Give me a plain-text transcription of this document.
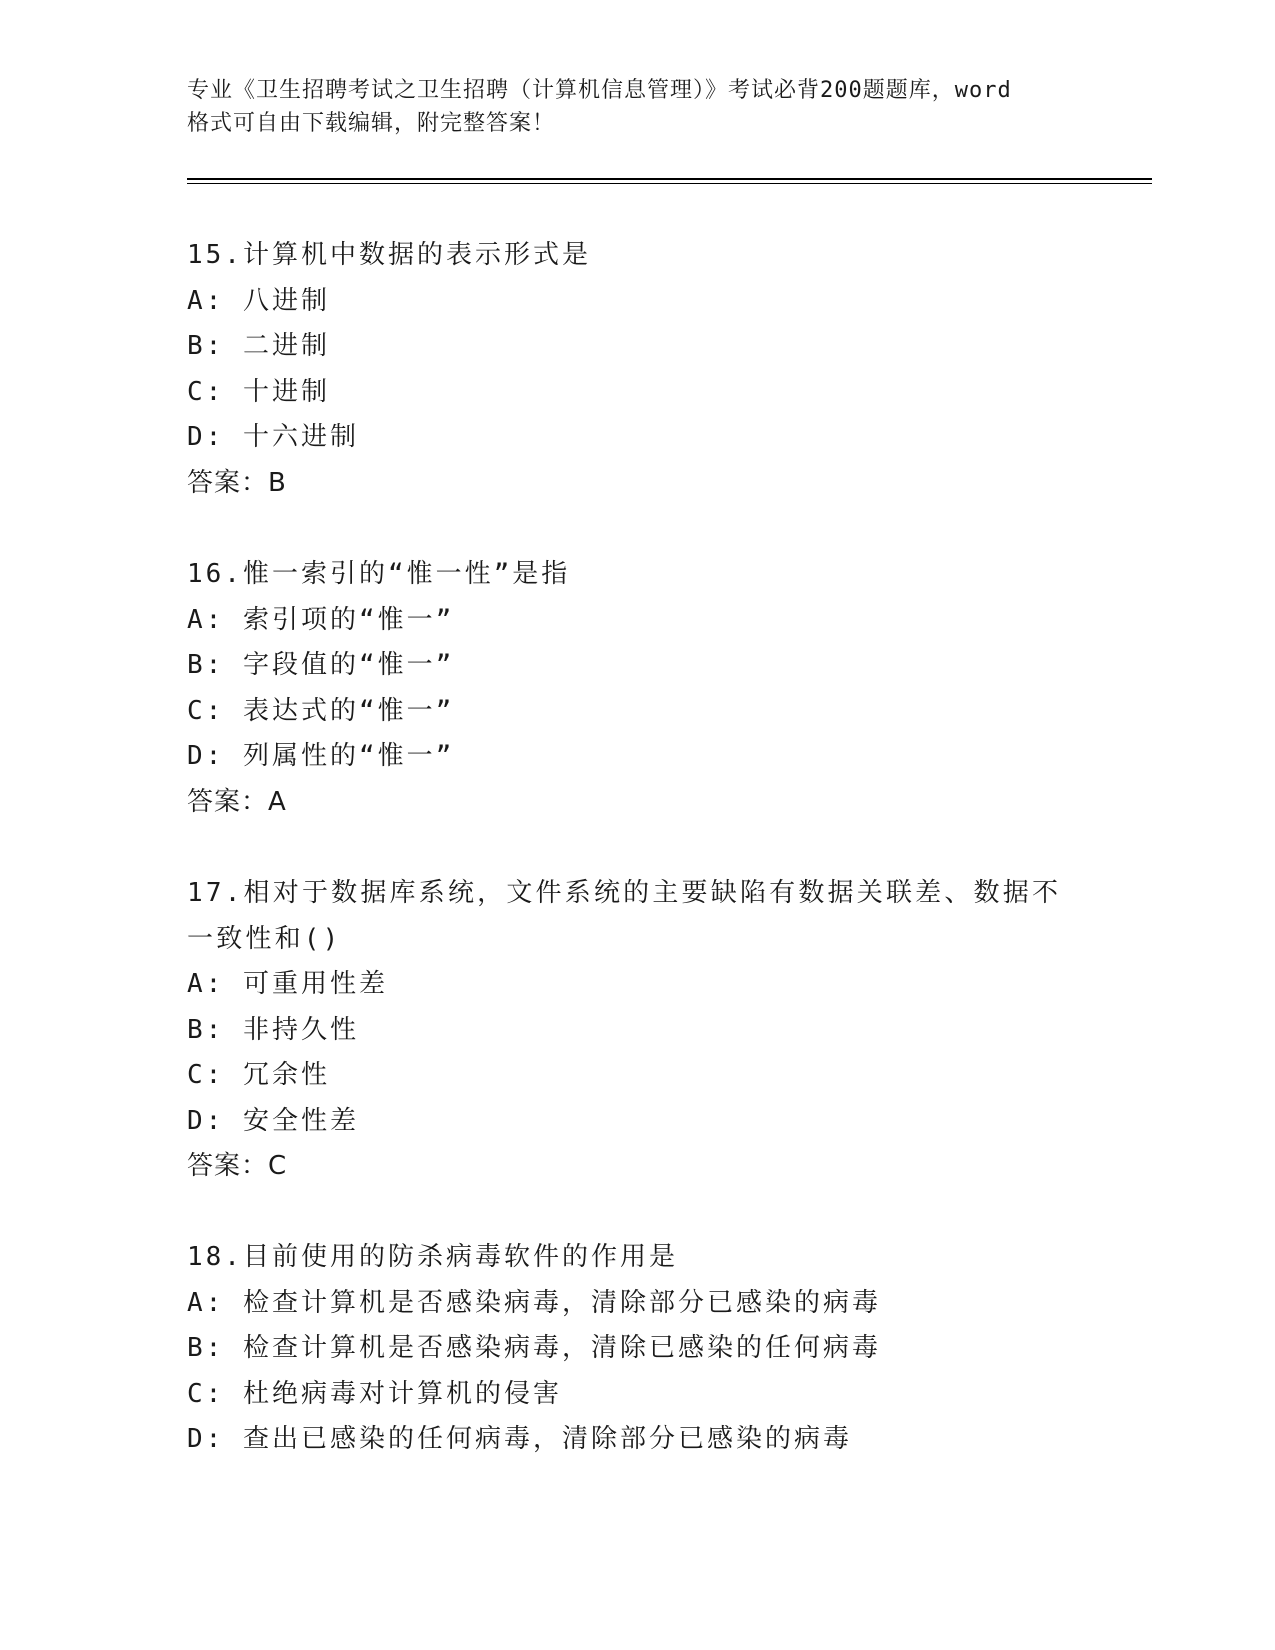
专业《卫生招聘考试之卫生招聘（计算机信息管理）》考试必背200题题库，word
格式可自由下载编辑，附完整答案！
15.计算机中数据的表示形式是
A: 八进制
B: 二进制
C: 十进制
D: 十六进制
答案：B
16.惟一索引的“惟一性”是指
A: 索引项的“惟一”
B: 字段值的“惟一”
C: 表达式的“惟一”
D: 列属性的“惟一”
答案：A
17.相对于数据库系统，文件系统的主要缺陷有数据关联差、数据不一致性和()
A: 可重用性差
B: 非持久性
C: 冗余性
D: 安全性差
答案：C
18.目前使用的防杀病毒软件的作用是
A: 检查计算机是否感染病毒，清除部分已感染的病毒
B: 检查计算机是否感染病毒，清除已感染的任何病毒
C: 杜绝病毒对计算机的侵害
D: 查出已感染的任何病毒，清除部分已感染的病毒
